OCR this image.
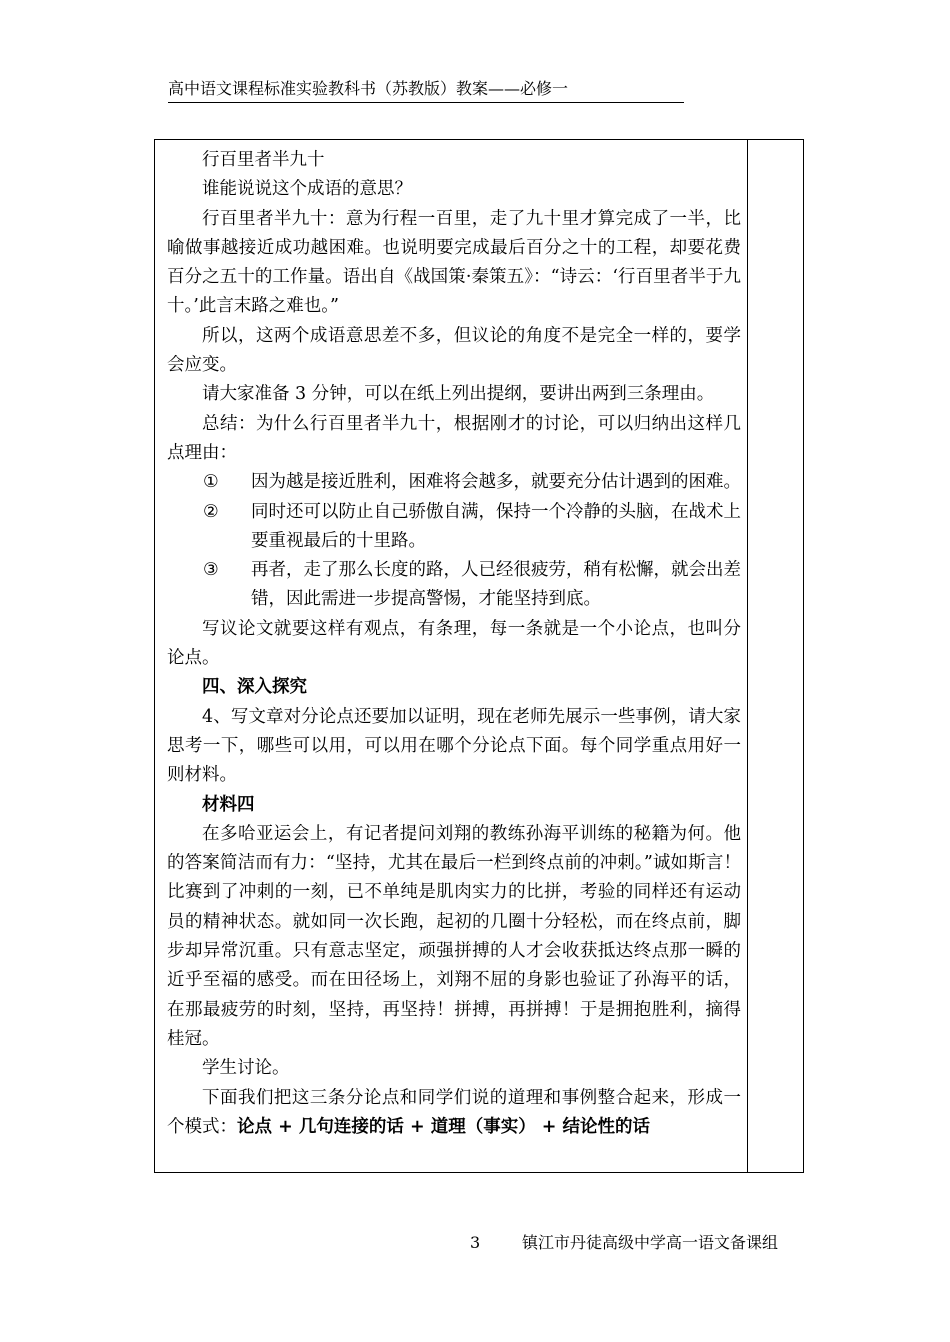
高中语文课程标准实验教科书（苏教版）教案——必修一

行百里者半九十

谁能说说这个成语的意思？

行百里者半九十：意为行程一百里，走了九十里才算完成了一半，比喻做事越接近成功越困难。也说明要完成最后百分之十的工程，却要花费百分之五十的工作量。语出自《战国策·秦策五》：“诗云：‘行百里者半于九十。’此言末路之难也。”

所以，这两个成语意思差不多，但议论的角度不是完全一样的，要学会应变。

请大家准备 3 分钟，可以在纸上列出提纲，要讲出两到三条理由。

总结：为什么行百里者半九十，根据刚才的讨论，可以归纳出这样几点理由：

①	因为越是接近胜利，困难将会越多，就要充分估计遇到的困难。
②	同时还可以防止自己骄傲自满，保持一个冷静的头脑，在战术上要重视最后的十里路。
③	再者，走了那么长度的路，人已经很疲劳，稍有松懈，就会出差错，因此需进一步提高警惕，才能坚持到底。

写议论文就要这样有观点，有条理，每一条就是一个小论点，也叫分论点。

四、深入探究

4、写文章对分论点还要加以证明，现在老师先展示一些事例，请大家思考一下，哪些可以用，可以用在哪个分论点下面。每个同学重点用好一则材料。

材料四

在多哈亚运会上，有记者提问刘翔的教练孙海平训练的秘籍为何。他的答案简洁而有力：“坚持，尤其在最后一栏到终点前的冲刺。”诚如斯言！比赛到了冲刺的一刻，已不单纯是肌肉实力的比拼，考验的同样还有运动员的精神状态。就如同一次长跑，起初的几圈十分轻松，而在终点前，脚步却异常沉重。只有意志坚定，顽强拼搏的人才会收获抵达终点那一瞬的近乎至福的感受。而在田径场上，刘翔不屈的身影也验证了孙海平的话，在那最疲劳的时刻，坚持，再坚持！拼搏，再拼搏！于是拥抱胜利，摘得桂冠。

学生讨论。

下面我们把这三条分论点和同学们说的道理和事例整合起来，形成一个模式：论点 + 几句连接的话 + 道理（事实） + 结论性的话

3	镇江市丹徒高级中学高一语文备课组
